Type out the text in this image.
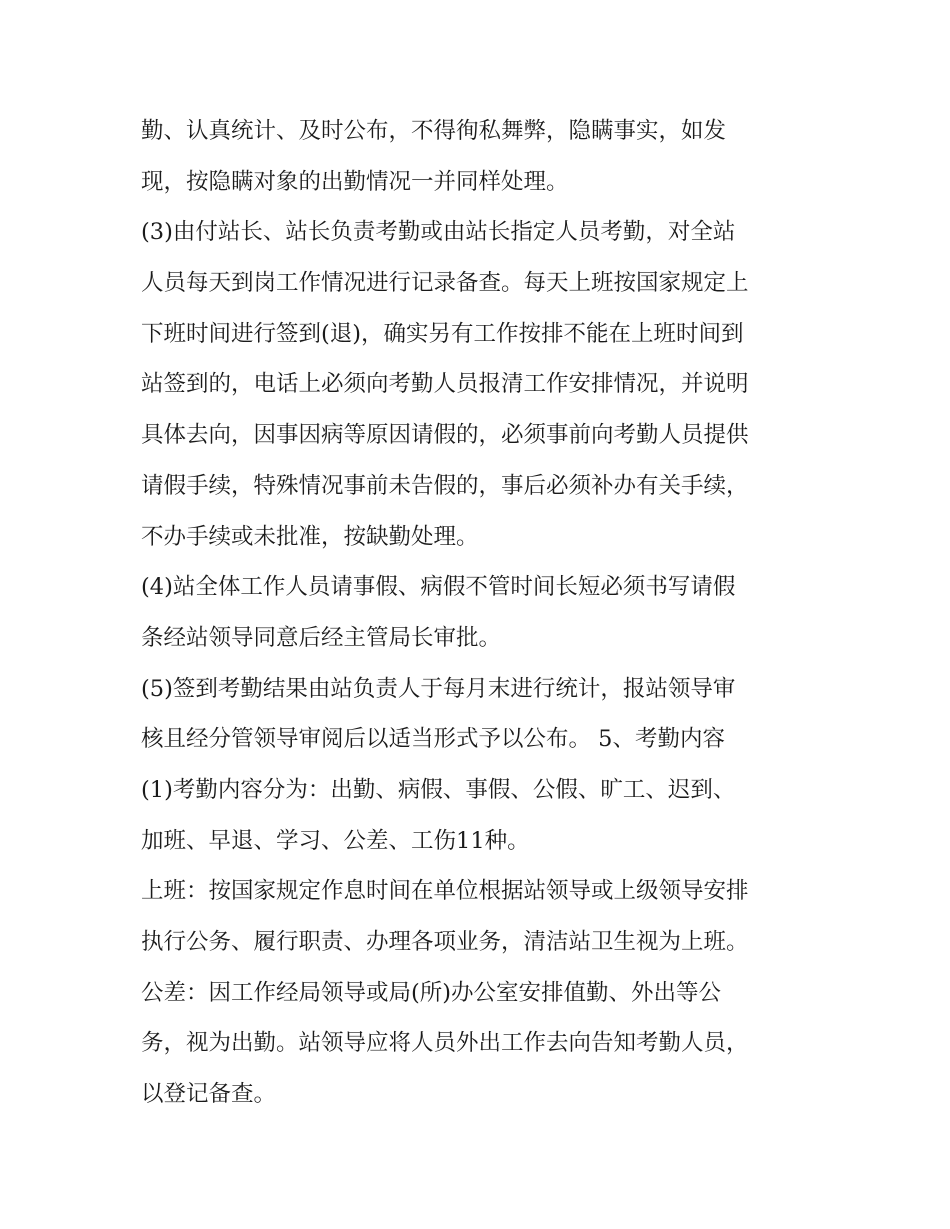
勤、认真统计、及时公布，不得徇私舞弊，隐瞒事实，如发
现，按隐瞒对象的出勤情况一并同样处理。
(3)由付站长、站长负责考勤或由站长指定人员考勤，对全站
人员每天到岗工作情况进行记录备查。每天上班按国家规定上
下班时间进行签到(退)，确实另有工作按排不能在上班时间到
站签到的，电话上必须向考勤人员报清工作安排情况，并说明
具体去向，因事因病等原因请假的，必须事前向考勤人员提供
请假手续，特殊情况事前未告假的，事后必须补办有关手续，
不办手续或未批准，按缺勤处理。
(4)站全体工作人员请事假、病假不管时间长短必须书写请假
条经站领导同意后经主管局长审批。
(5)签到考勤结果由站负责人于每月末进行统计，报站领导审
核且经分管领导审阅后以适当形式予以公布。 5、考勤内容
(1)考勤内容分为：出勤、病假、事假、公假、旷工、迟到、
加班、早退、学习、公差、工伤11种。
上班：按国家规定作息时间在单位根据站领导或上级领导安排
执行公务、履行职责、办理各项业务，清洁站卫生视为上班。
公差：因工作经局领导或局(所)办公室安排值勤、外出等公
务，视为出勤。站领导应将人员外出工作去向告知考勤人员，
以登记备查。
